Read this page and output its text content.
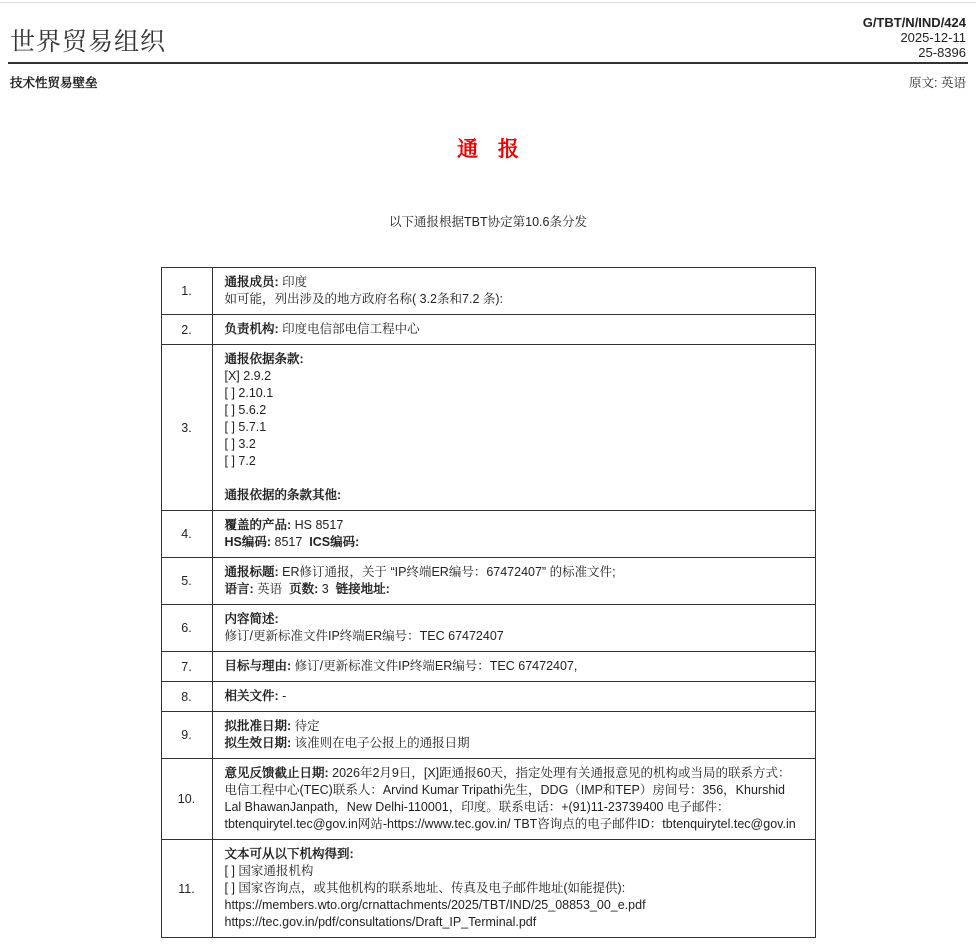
世界贸易组织
G/TBT/N/IND/424
2025-12-11
25-8396
技术性贸易壁垒	原文: 英语
通 报
以下通报根据TBT协定第10.6条分发
1.	通报成员: 印度
如可能，列出涉及的地方政府名称( 3.2条和7.2 条):

2.	负责机构: 印度电信部电信工程中心

3.	
通报依据条款:
[X] 2.9.2
[ ] 2.10.1
[ ] 5.6.2
[ ] 5.7.1
[ ] 3.2
[ ] 7.2

通报依据的条款其他:

4.	覆盖的产品: HS 8517
HS编码: 8517  ICS编码:

5.	通报标题: ER修订通报，关于 “IP终端ER编号：67472407” 的标准文件;
语言: 英语  页数: 3  链接地址:

6.	内容简述:
修订/更新标准文件IP终端ER编号：TEC 67472407

7.	目标与理由: 修订/更新标准文件IP终端ER编号：TEC 67472407,

8.	相关文件: -

9.	拟批准日期: 待定
拟生效日期: 该准则在电子公报上的通报日期

10.	意见反馈截止日期: 2026年2月9日，[X]距通报60天，指定处理有关通报意见的机构或当局的联系方式：电信工程中心(TEC)联系人：Arvind Kumar Tripathi先生，DDG（IMP和TEP）房间号：356，Khurshid Lal BhawanJanpath，New Delhi-110001，印度。联系电话：+(91)11-23739400 电子邮件：tbtenquirytel.tec@gov.in网站-https://www.tec.gov.in/ TBT咨询点的电子邮件ID：tbtenquirytel.tec@gov.in

11.	文本可从以下机构得到:
[ ] 国家通报机构
[ ] 国家咨询点，或其他机构的联系地址、传真及电子邮件地址(如能提供):
https://members.wto.org/crnattachments/2025/TBT/IND/25_08853_00_e.pdf
https://tec.gov.in/pdf/consultations/Draft_IP_Terminal.pdf
